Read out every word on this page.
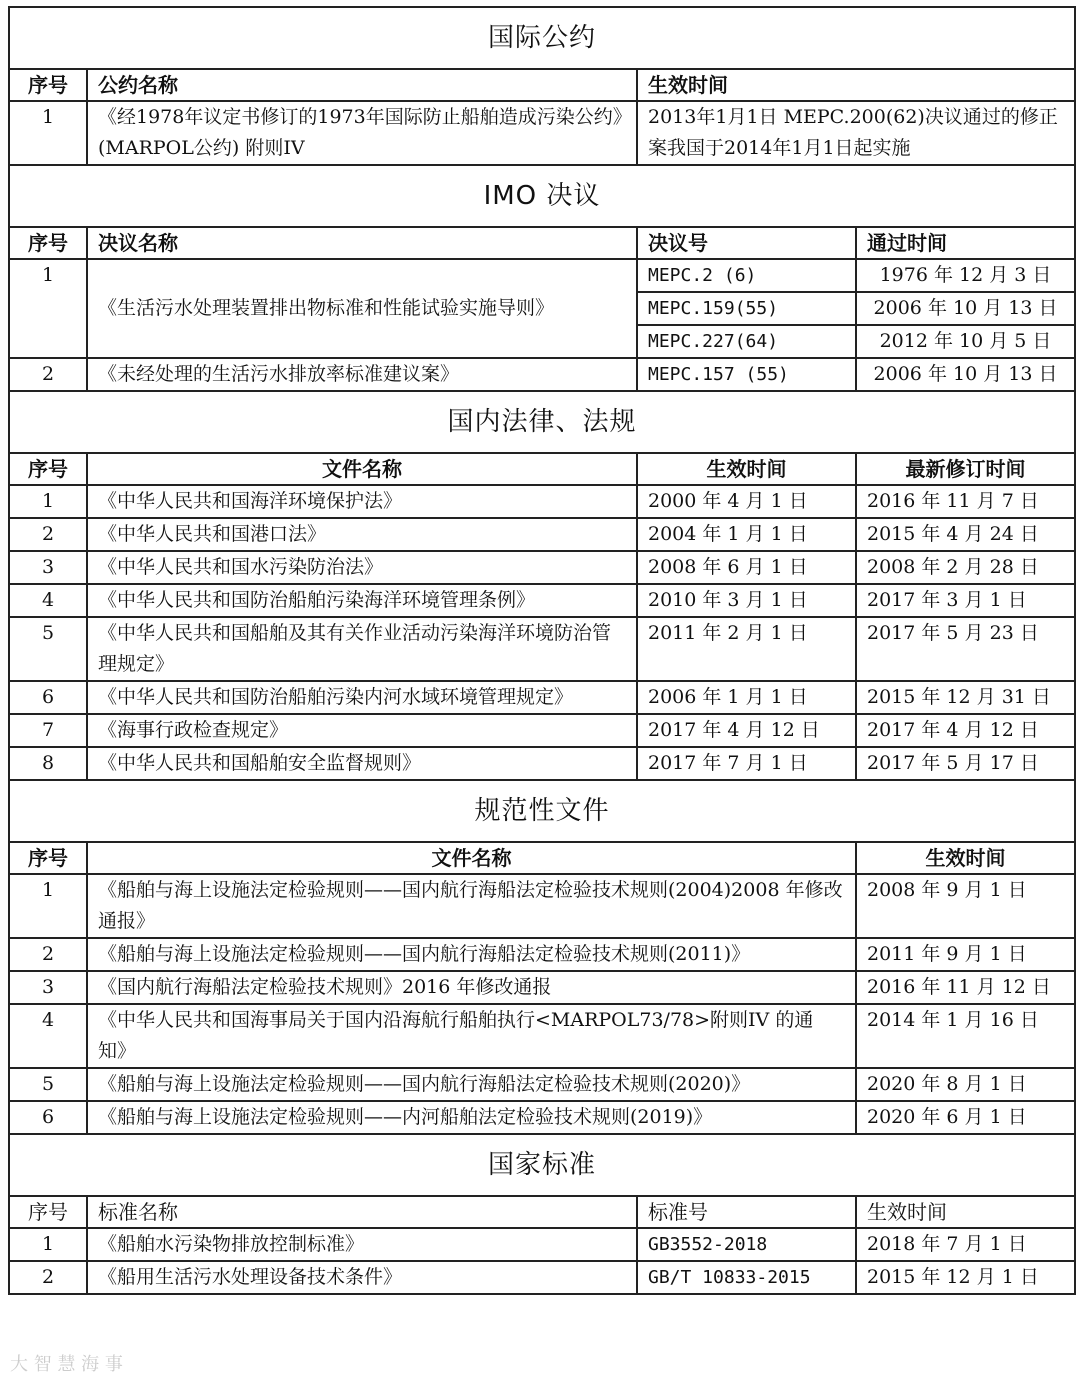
国际公约			
序号	公约名称	生效时间	
1	《经1978年议定书修订的1973年国际防止船舶造成污染公约》(MARPOL公约) 附则IV	2013年1月1日 MEPC.200(62)决议通过的修正案我国于2014年1月1日起实施	
IMO 决议			
序号	决议名称	决议号	通过时间
1	《生活污水处理装置排出物标准和性能试验实施导则》	MEPC.2 (6)	1976 年 12 月 3 日
		MEPC.159(55)	2006 年 10 月 13 日
		MEPC.227(64)	2012 年 10 月 5 日
2	《未经处理的生活污水排放率标准建议案》	MEPC.157 (55)	2006 年 10 月 13 日
国内法律、法规			
序号	文件名称	生效时间	最新修订时间
1	《中华人民共和国海洋环境保护法》	2000 年 4 月 1 日	2016 年 11 月 7 日
2	《中华人民共和国港口法》	2004 年 1 月 1 日	2015 年 4 月 24 日
3	《中华人民共和国水污染防治法》	2008 年 6 月 1 日	2008 年 2 月 28 日
4	《中华人民共和国防治船舶污染海洋环境管理条例》	2010 年 3 月 1 日	2017 年 3 月 1 日
5	《中华人民共和国船舶及其有关作业活动污染海洋环境防治管理规定》	2011 年 2 月 1 日	2017 年 5 月 23 日
6	《中华人民共和国防治船舶污染内河水域环境管理规定》	2006 年 1 月 1 日	2015 年 12 月 31 日
7	《海事行政检查规定》	2017 年 4 月 12 日	2017 年 4 月 12 日
8	《中华人民共和国船舶安全监督规则》	2017 年 7 月 1 日	2017 年 5 月 17 日
规范性文件			
序号	文件名称		生效时间
1	《船舶与海上设施法定检验规则——国内航行海船法定检验技术规则(2004)2008 年修改通报》		2008 年 9 月 1 日
2	《船舶与海上设施法定检验规则——国内航行海船法定检验技术规则(2011)》		2011 年 9 月 1 日
3	《国内航行海船法定检验技术规则》2016 年修改通报		2016 年 11 月 12 日
4	《中华人民共和国海事局关于国内沿海航行船舶执行<MARPOL73/78>附则IV 的通 知》		2014 年 1 月 16 日
5	《船舶与海上设施法定检验规则——国内航行海船法定检验技术规则(2020)》		2020 年 8 月 1 日
6	《船舶与海上设施法定检验规则——内河船舶法定检验技术规则(2019)》		2020 年 6 月 1 日
国家标准			
序号	标准名称	标准号	生效时间
1	《船舶水污染物排放控制标准》	GB3552-2018	2018 年 7 月 1 日
2	《船用生活污水处理设备技术条件》	GB/T 10833-2015	2015 年 12 月 1 日
大 智 慧 海 事
